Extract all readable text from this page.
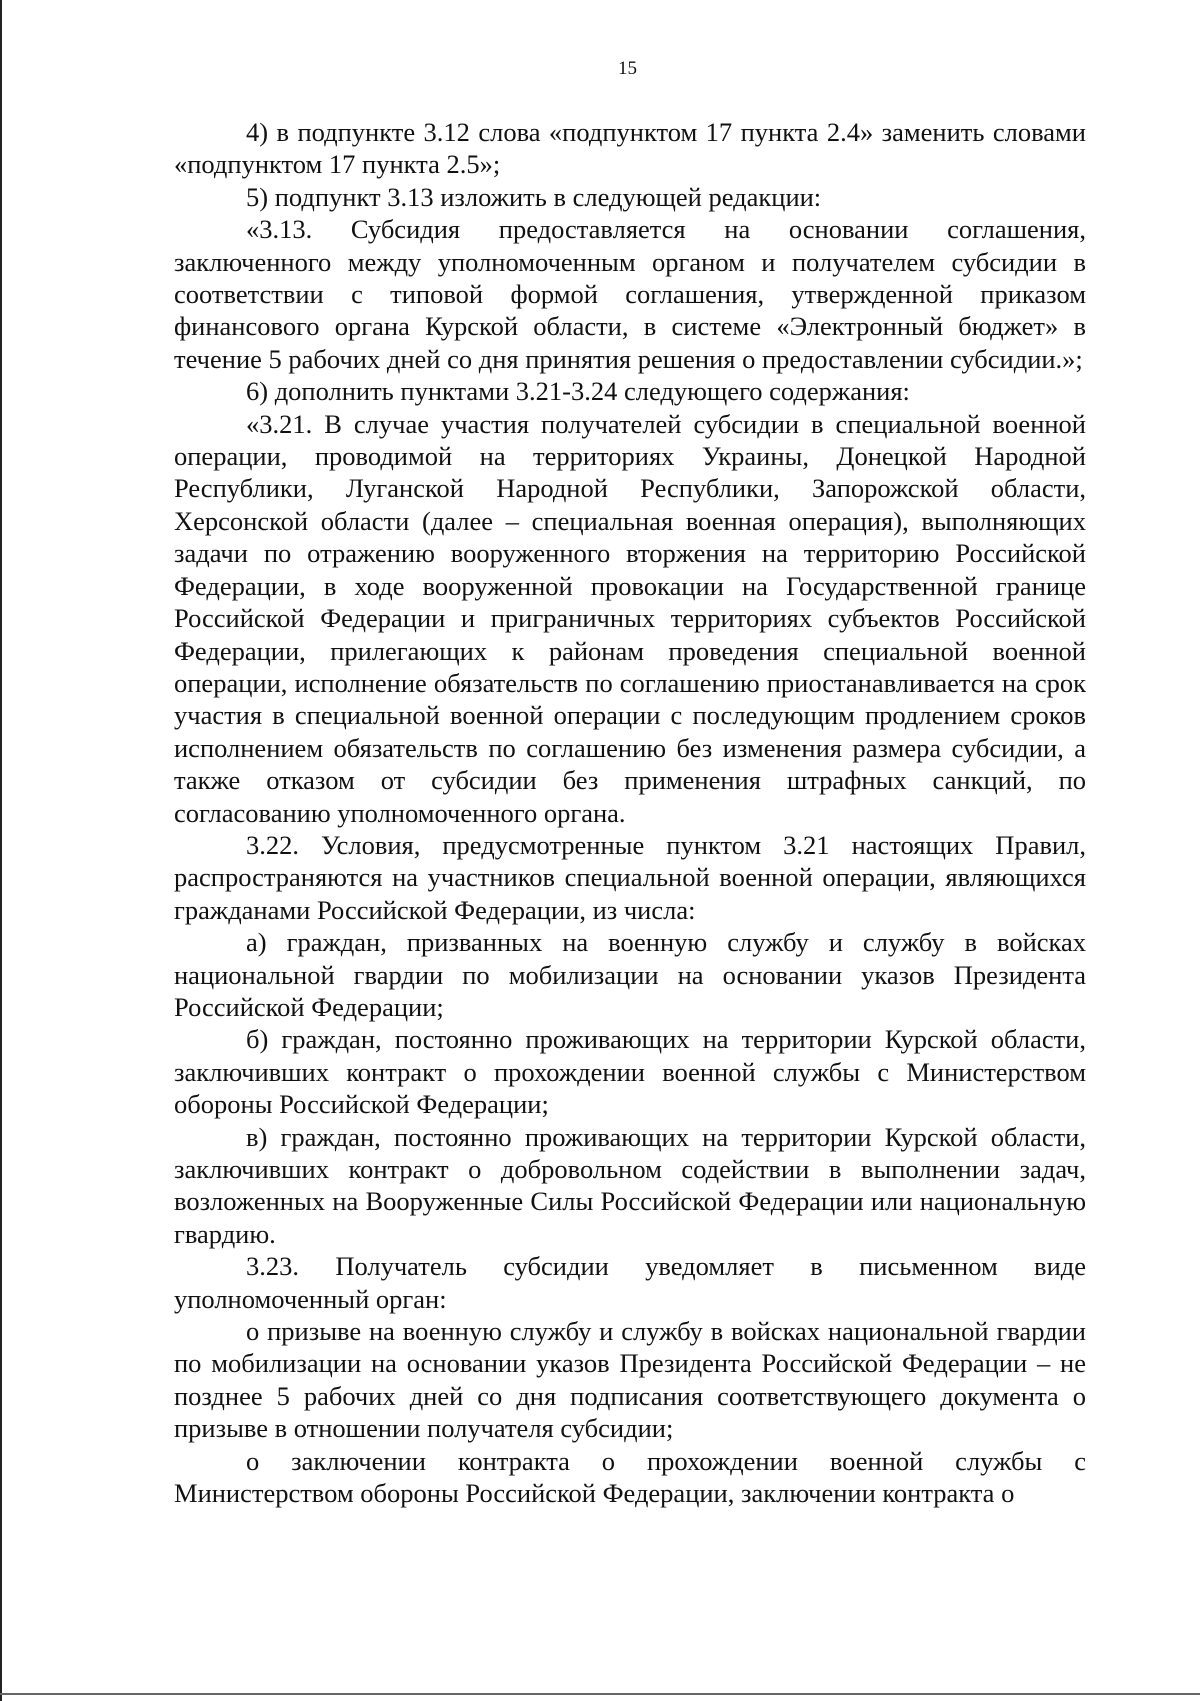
15

4) в подпункте 3.12 слова «подпунктом 17 пункта 2.4» заменить словами «подпунктом 17 пункта 2.5»;

5) подпункт 3.13 изложить в следующей редакции:

«3.13. Субсидия предоставляется на основании соглашения, заключенного между уполномоченным органом и получателем субсидии в соответствии с типовой формой соглашения, утвержденной приказом финансового органа Курской области, в системе «Электронный бюджет» в течение 5 рабочих дней со дня принятия решения о предоставлении субсидии.»;

6) дополнить пунктами 3.21-3.24 следующего содержания:

«3.21. В случае участия получателей субсидии в специальной военной операции, проводимой на территориях Украины, Донецкой Народной Республики, Луганской Народной Республики, Запорожской области, Херсонской области (далее – специальная военная операция), выполняющих задачи по отражению вооруженного вторжения на территорию Российской Федерации, в ходе вооруженной провокации на Государственной границе Российской Федерации и приграничных территориях субъектов Российской Федерации, прилегающих к районам проведения специальной военной операции, исполнение обязательств по соглашению приостанавливается на срок участия в специальной военной операции с последующим продлением сроков исполнением обязательств по соглашению без изменения размера субсидии, а также отказом от субсидии без применения штрафных санкций, по согласованию уполномоченного органа.

3.22. Условия, предусмотренные пунктом 3.21 настоящих Правил, распространяются на участников специальной военной операции, являющихся гражданами Российской Федерации, из числа:

а) граждан, призванных на военную службу и службу в войсках национальной гвардии по мобилизации на основании указов Президента Российской Федерации;

б) граждан, постоянно проживающих на территории Курской области, заключивших контракт о прохождении военной службы с Министерством обороны Российской Федерации;

в) граждан, постоянно проживающих на территории Курской области, заключивших контракт о добровольном содействии в выполнении задач, возложенных на Вооруженные Силы Российской Федерации или национальную гвардию.

3.23. Получатель субсидии уведомляет в письменном виде уполномоченный орган:

о призыве на военную службу и службу в войсках национальной гвардии по мобилизации на основании указов Президента Российской Федерации – не позднее 5 рабочих дней со дня подписания соответствующего документа о призыве в отношении получателя субсидии;

о заключении контракта о прохождении военной службы с Министерством обороны Российской Федерации, заключении контракта о
